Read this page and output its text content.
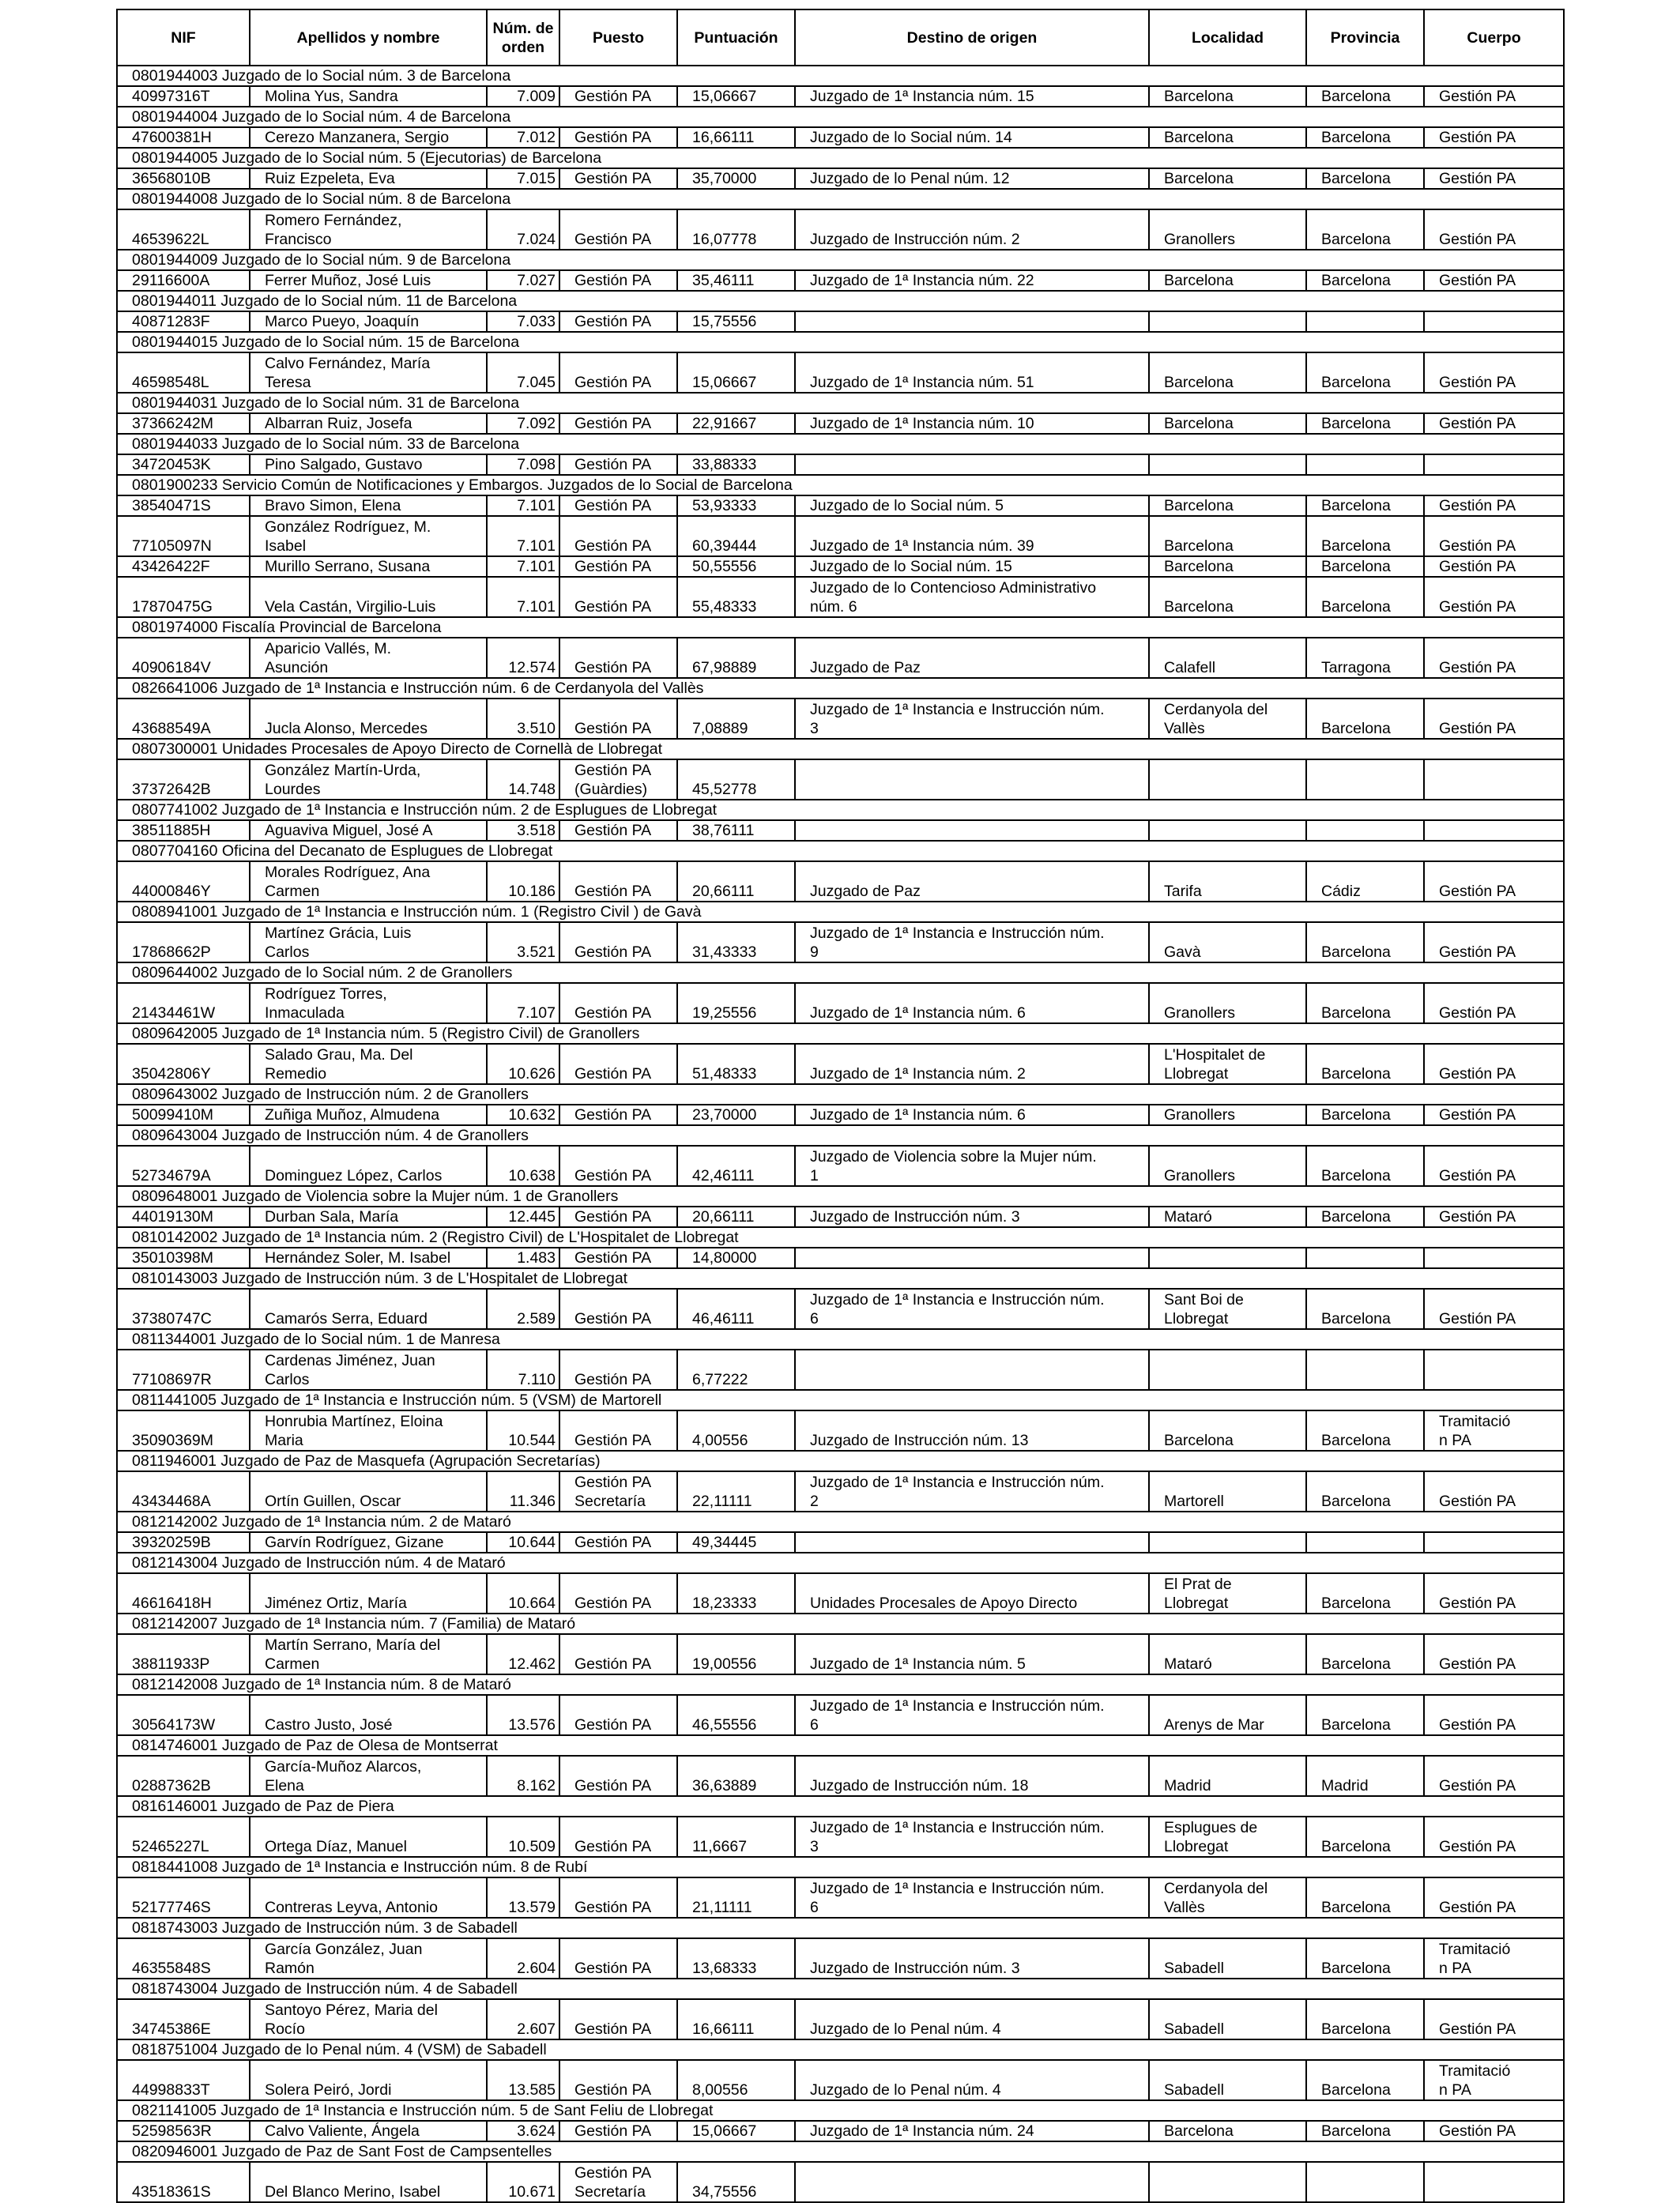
NIF	Apellidos y nombre	Núm. de orden	Puesto	Puntuación	Destino de origen	Localidad	Provincia	Cuerpo
0801944003 Juzgado de lo Social núm. 3 de Barcelona								
40997316T	Molina Yus, Sandra	7.009	Gestión PA	15,06667	Juzgado de 1ª Instancia núm. 15	Barcelona	Barcelona	Gestión PA

0801944004 Juzgado de lo Social núm. 4 de Barcelona								
47600381H	Cerezo Manzanera, Sergio	7.012	Gestión PA	16,66111	Juzgado de lo Social núm. 14	Barcelona	Barcelona	Gestión PA

0801944005 Juzgado de lo Social núm. 5 (Ejecutorias) de Barcelona								
36568010B	Ruiz Ezpeleta, Eva	7.015	Gestión PA	35,70000	Juzgado de lo Penal núm. 12	Barcelona	Barcelona	Gestión PA

0801944008 Juzgado de lo Social núm. 8 de Barcelona								
46539622L	Romero Fernández,
Francisco	7.024	Gestión PA	16,07778	Juzgado de Instrucción núm. 2	Granollers	Barcelona	Gestión PA

0801944009 Juzgado de lo Social núm. 9 de Barcelona								
29116600A	Ferrer Muñoz, José Luis	7.027	Gestión PA	35,46111	Juzgado de 1ª Instancia núm. 22	Barcelona	Barcelona	Gestión PA

0801944011 Juzgado de lo Social núm. 11 de Barcelona								
40871283F	Marco Pueyo, Joaquín	7.033	Gestión PA	15,75556	

0801944015 Juzgado de lo Social núm. 15 de Barcelona								
46598548L	Calvo Fernández, María
Teresa	7.045	Gestión PA	15,06667	Juzgado de 1ª Instancia núm. 51	Barcelona	Barcelona	Gestión PA

0801944031 Juzgado de lo Social núm. 31 de Barcelona								
37366242M	Albarran Ruiz, Josefa	7.092	Gestión PA	22,91667	Juzgado de 1ª Instancia núm. 10	Barcelona	Barcelona	Gestión PA

0801944033 Juzgado de lo Social núm. 33 de Barcelona								
34720453K	Pino Salgado, Gustavo	7.098	Gestión PA	33,88333	

0801900233 Servicio Común de Notificaciones y Embargos. Juzgados de lo Social de Barcelona								
38540471S	Bravo Simon, Elena	7.101	Gestión PA	53,93333	Juzgado de lo Social núm. 5	Barcelona	Barcelona	Gestión PA

77105097N	González Rodríguez, M.
Isabel	7.101	Gestión PA	60,39444	Juzgado de 1ª Instancia núm. 39	Barcelona	Barcelona	Gestión PA

43426422F	Murillo Serrano, Susana	7.101	Gestión PA	50,55556	Juzgado de lo Social núm. 15	Barcelona	Barcelona	Gestión PA

17870475G	Vela Castán, Virgilio-Luis	7.101	Gestión PA	55,48333	Juzgado de lo Contencioso Administrativo
núm. 6	Barcelona	Barcelona	Gestión PA

0801974000 Fiscalía Provincial de Barcelona								
40906184V	Aparicio Vallés, M.
Asunción	12.574	Gestión PA	67,98889	Juzgado de Paz	Calafell	Tarragona	Gestión PA

0826641006 Juzgado de 1ª Instancia e Instrucción núm. 6 de Cerdanyola del Vallès								
43688549A	Jucla Alonso, Mercedes	3.510	Gestión PA	7,08889	Juzgado de 1ª Instancia e Instrucción núm.
3	Cerdanyola del
Vallès	Barcelona	Gestión PA

0807300001 Unidades Procesales de Apoyo Directo de Cornellà de Llobregat								
37372642B	González Martín-Urda,
Lourdes	14.748	Gestión PA
(Guàrdies)	45,52778	

0807741002 Juzgado de 1ª Instancia e Instrucción núm. 2 de Esplugues de Llobregat								
38511885H	Aguaviva Miguel, José A	3.518	Gestión PA	38,76111	

0807704160 Oficina del Decanato de Esplugues de Llobregat								
44000846Y	Morales Rodríguez, Ana
Carmen	10.186	Gestión PA	20,66111	Juzgado de Paz	Tarifa	Cádiz	Gestión PA

0808941001 Juzgado de 1ª Instancia e Instrucción núm. 1 (Registro Civil ) de Gavà								
17868662P	Martínez Grácia, Luis
Carlos	3.521	Gestión PA	31,43333	Juzgado de 1ª Instancia e Instrucción núm.
9	Gavà	Barcelona	Gestión PA

0809644002 Juzgado de lo Social núm. 2 de Granollers								
21434461W	Rodríguez Torres,
Inmaculada	7.107	Gestión PA	19,25556	Juzgado de 1ª Instancia núm. 6	Granollers	Barcelona	Gestión PA

0809642005 Juzgado de 1ª Instancia núm. 5 (Registro Civil) de Granollers								
35042806Y	Salado Grau, Ma. Del
Remedio	10.626	Gestión PA	51,48333	Juzgado de 1ª Instancia núm. 2	L'Hospitalet de
Llobregat	Barcelona	Gestión PA

0809643002 Juzgado de Instrucción núm. 2 de Granollers								
50099410M	Zuñiga Muñoz, Almudena	10.632	Gestión PA	23,70000	Juzgado de 1ª Instancia núm. 6	Granollers	Barcelona	Gestión PA

0809643004 Juzgado de Instrucción núm. 4 de Granollers								
52734679A	Dominguez López, Carlos	10.638	Gestión PA	42,46111	Juzgado de Violencia sobre la Mujer núm.
1	Granollers	Barcelona	Gestión PA

0809648001 Juzgado de Violencia sobre la Mujer núm. 1 de Granollers								
44019130M	Durban Sala, María	12.445	Gestión PA	20,66111	Juzgado de Instrucción núm. 3	Mataró	Barcelona	Gestión PA

0810142002 Juzgado de 1ª Instancia núm. 2 (Registro Civil) de L'Hospitalet de Llobregat								
35010398M	Hernández Soler, M. Isabel	1.483	Gestión PA	14,80000	

0810143003 Juzgado de Instrucción núm. 3 de L'Hospitalet de Llobregat								
37380747C	Camarós Serra, Eduard	2.589	Gestión PA	46,46111	Juzgado de 1ª Instancia e Instrucción núm.
6	Sant Boi de
Llobregat	Barcelona	Gestión PA

0811344001 Juzgado de lo Social núm. 1 de Manresa								
77108697R	Cardenas Jiménez, Juan
Carlos	7.110	Gestión PA	6,77222	

0811441005 Juzgado de 1ª Instancia e Instrucción núm. 5 (VSM) de Martorell								
35090369M	Honrubia Martínez, Eloina
Maria	10.544	Gestión PA	4,00556	Juzgado de Instrucción núm. 13	Barcelona	Barcelona	Tramitació
n PA

0811946001 Juzgado de Paz de Masquefa (Agrupación Secretarías)								
43434468A	Ortín Guillen, Oscar	11.346	Gestión PA
Secretaría	22,11111	Juzgado de 1ª Instancia e Instrucción núm.
2	Martorell	Barcelona	Gestión PA

0812142002 Juzgado de 1ª Instancia núm. 2 de Mataró								
39320259B	Garvín Rodríguez, Gizane	10.644	Gestión PA	49,34445	

0812143004 Juzgado de Instrucción núm. 4 de Mataró								
46616418H	Jiménez Ortiz, María	10.664	Gestión PA	18,23333	Unidades Procesales de Apoyo Directo	El Prat de
Llobregat	Barcelona	Gestión PA

0812142007 Juzgado de 1ª Instancia núm. 7 (Familia) de Mataró								
38811933P	Martín Serrano, María del
Carmen	12.462	Gestión PA	19,00556	Juzgado de 1ª Instancia núm. 5	Mataró	Barcelona	Gestión PA

0812142008 Juzgado de 1ª Instancia núm. 8 de Mataró								
30564173W	Castro Justo, José	13.576	Gestión PA	46,55556	Juzgado de 1ª Instancia e Instrucción núm.
6	Arenys de Mar	Barcelona	Gestión PA

0814746001 Juzgado de Paz de Olesa de Montserrat								
02887362B	García-Muñoz Alarcos,
Elena	8.162	Gestión PA	36,63889	Juzgado de Instrucción núm. 18	Madrid	Madrid	Gestión PA

0816146001 Juzgado de Paz de Piera								
52465227L	Ortega Díaz, Manuel	10.509	Gestión PA	11,6667	Juzgado de 1ª Instancia e Instrucción núm.
3	Esplugues de
Llobregat	Barcelona	Gestión PA

0818441008 Juzgado de 1ª Instancia e Instrucción núm. 8 de Rubí								
52177746S	Contreras Leyva, Antonio	13.579	Gestión PA	21,11111	Juzgado de 1ª Instancia e Instrucción núm.
6	Cerdanyola del
Vallès	Barcelona	Gestión PA

0818743003 Juzgado de Instrucción núm. 3 de Sabadell								
46355848S	García González, Juan
Ramón	2.604	Gestión PA	13,68333	Juzgado de Instrucción núm. 3	Sabadell	Barcelona	Tramitació
n PA

0818743004 Juzgado de Instrucción núm. 4 de Sabadell								
34745386E	Santoyo Pérez, Maria del
Rocío	2.607	Gestión PA	16,66111	Juzgado de lo Penal núm. 4	Sabadell	Barcelona	Gestión PA

0818751004 Juzgado de lo Penal núm. 4 (VSM) de Sabadell								
44998833T	Solera Peiró, Jordi	13.585	Gestión PA	8,00556	Juzgado de lo Penal núm. 4	Sabadell	Barcelona	Tramitació
n PA

0821141005 Juzgado de 1ª Instancia e Instrucción núm. 5 de Sant Feliu de Llobregat								
52598563R	Calvo Valiente, Ángela	3.624	Gestión PA	15,06667	Juzgado de 1ª Instancia núm. 24	Barcelona	Barcelona	Gestión PA

0820946001 Juzgado de Paz de Sant Fost de Campsentelles								
43518361S	Del Blanco Merino, Isabel	10.671	Gestión PA
Secretaría	34,75556	
